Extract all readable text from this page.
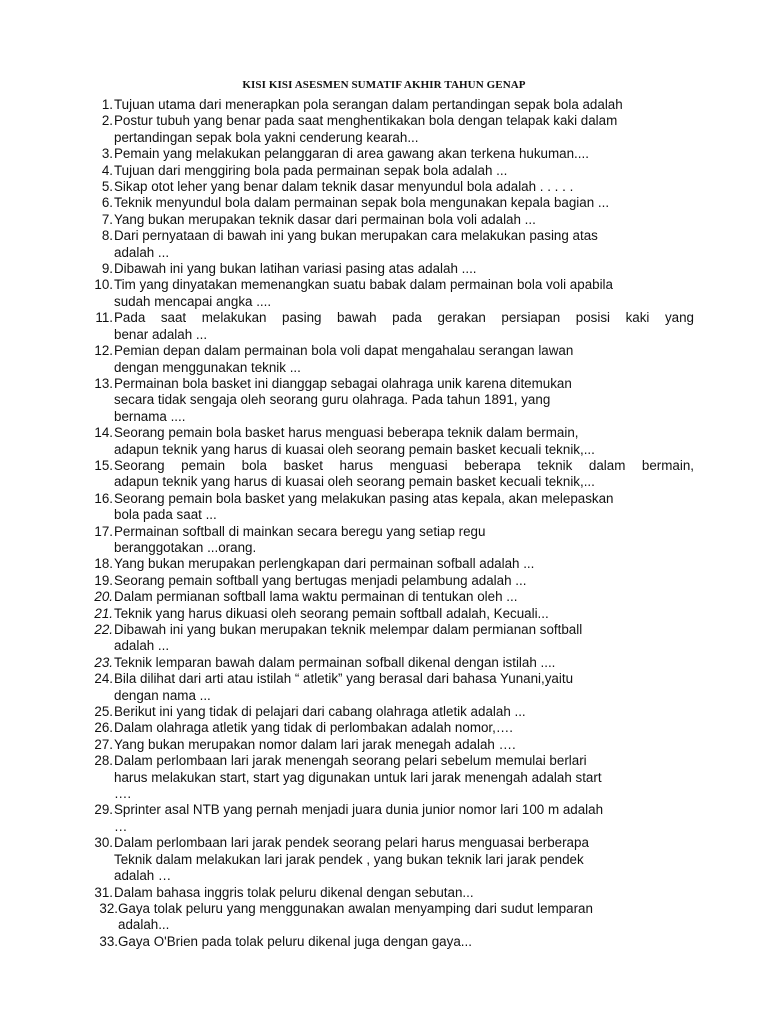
KISI KISI ASESMEN SUMATIF AKHIR TAHUN GENAP
1. Tujuan utama dari menerapkan pola serangan dalam pertandingan sepak bola adalah
2. Postur tubuh yang benar pada saat menghentikakan bola dengan telapak kaki dalam
pertandingan sepak bola yakni cenderung kearah...
3. Pemain yang melakukan pelanggaran di area gawang akan terkena hukuman....
4. Tujuan dari menggiring bola pada permainan sepak bola adalah ...
5. Sikap otot leher yang benar dalam teknik dasar menyundul bola adalah . . . . .
6. Teknik menyundul bola dalam permainan sepak bola mengunakan kepala bagian ...
7. Yang bukan merupakan teknik dasar dari permainan bola voli adalah ...
8. Dari pernyataan di bawah ini yang bukan merupakan cara melakukan pasing atas
adalah ...
9. Dibawah ini yang bukan latihan variasi pasing atas adalah ....
10. Tim yang dinyatakan memenangkan suatu babak dalam permainan bola voli apabila
sudah mencapai angka ....
11. Pada saat melakukan pasing bawah pada gerakan persiapan posisi kaki yang
benar adalah ...
12. Pemian depan dalam permainan bola voli dapat mengahalau serangan lawan
dengan menggunakan teknik ...
13. Permainan bola basket ini dianggap sebagai olahraga unik karena ditemukan
secara tidak sengaja oleh seorang guru olahraga. Pada tahun 1891, yang
bernama ....
14. Seorang pemain bola basket harus menguasi beberapa teknik dalam bermain,
adapun teknik yang harus di kuasai oleh seorang pemain basket kecuali teknik,...
15. Seorang pemain bola basket harus menguasi beberapa teknik dalam bermain,
adapun teknik yang harus di kuasai oleh seorang pemain basket kecuali teknik,...
16. Seorang pemain bola basket yang melakukan pasing atas kepala, akan melepaskan
bola pada saat ...
17. Permainan softball di mainkan secara beregu yang setiap regu
beranggotakan ...orang.
18. Yang bukan merupakan perlengkapan dari permainan sofball adalah ...
19. Seorang pemain softball yang bertugas menjadi pelambung adalah ...
20. Dalam permianan softball lama waktu permainan di tentukan oleh ...
21. Teknik yang harus dikuasi oleh seorang pemain softball adalah, Kecuali...
22. Dibawah ini yang bukan merupakan teknik melempar dalam permianan softball
adalah ...
23. Teknik lemparan bawah dalam permainan sofball dikenal dengan istilah ....
24. Bila dilihat dari arti atau istilah “ atletik” yang berasal dari bahasa Yunani,yaitu
dengan nama ...
25. Berikut ini yang tidak di pelajari dari cabang olahraga atletik adalah ...
26. Dalam olahraga atletik yang tidak di perlombakan adalah nomor,….
27. Yang bukan merupakan nomor dalam lari jarak menegah adalah ….
28. Dalam perlombaan lari jarak menengah seorang pelari sebelum memulai berlari
harus melakukan start, start yag digunakan untuk lari jarak menengah adalah start
….
29. Sprinter asal NTB yang pernah menjadi juara dunia junior nomor lari 100 m adalah
…
30. Dalam perlombaan lari jarak pendek seorang pelari harus menguasai berberapa
Teknik dalam melakukan lari jarak pendek , yang bukan teknik lari jarak pendek
adalah …
31. Dalam bahasa inggris tolak peluru dikenal dengan sebutan...
32. Gaya tolak peluru yang menggunakan awalan menyamping dari sudut lemparan
adalah...
33. Gaya O'Brien pada tolak peluru dikenal juga dengan gaya...
